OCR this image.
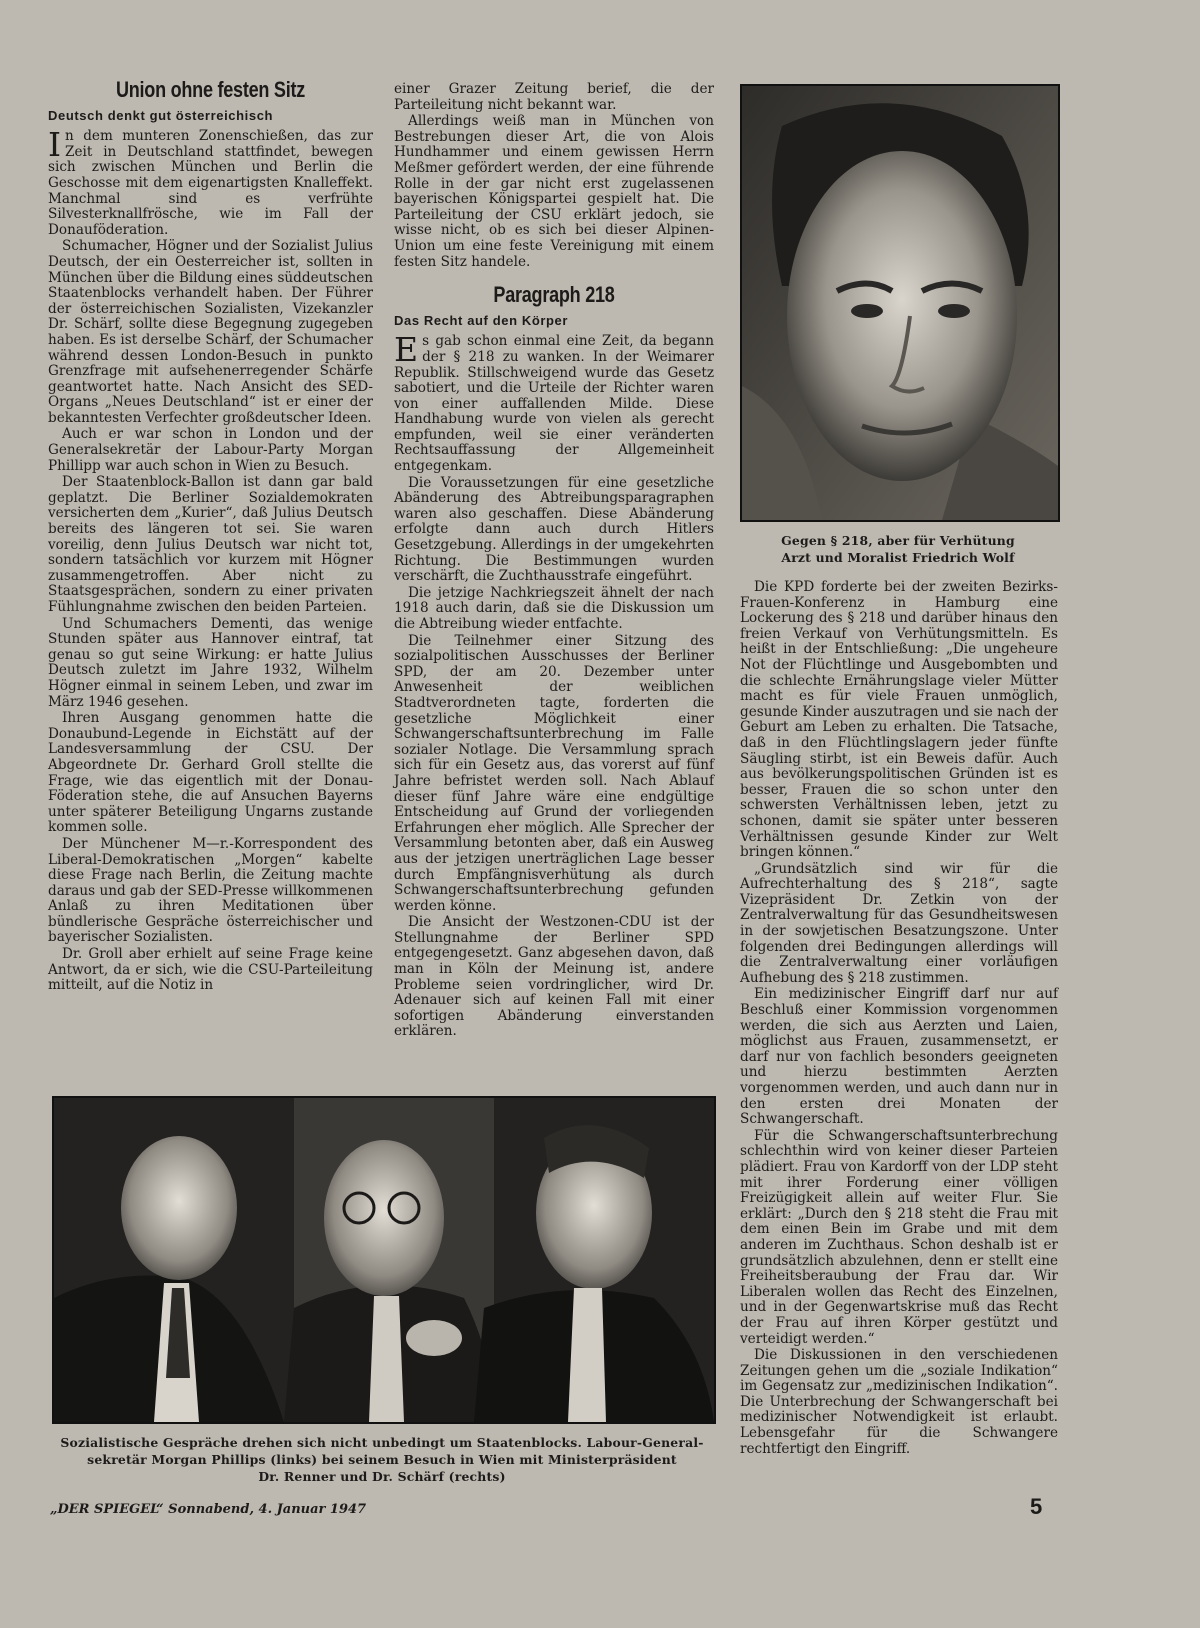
Union ohne festen Sitz
Deutsch denkt gut österreichisch

In dem munteren Zonenschießen, das zur Zeit in Deutschland stattfindet, bewegen sich zwischen München und Berlin die Geschosse mit dem eigenartigsten Knalleffekt. Manchmal sind es verfrühte Silvesterknallfrösche, wie im Fall der Donauföderation.

Schumacher, Högner und der Sozialist Julius Deutsch, der ein Oesterreicher ist, sollten in München über die Bildung eines süddeutschen Staatenblocks verhandelt haben. Der Führer der österreichischen Sozialisten, Vizekanzler Dr. Schärf, sollte diese Begegnung zugegeben haben. Es ist derselbe Schärf, der Schumacher während dessen London-Besuch in punkto Grenzfrage mit aufsehenerregender Schärfe geantwortet hatte. Nach Ansicht des SED-Organs „Neues Deutschland“ ist er einer der bekanntesten Verfechter großdeutscher Ideen.

Auch er war schon in London und der Generalsekretär der Labour-Party Morgan Phillipp war auch schon in Wien zu Besuch.

Der Staatenblock-Ballon ist dann gar bald geplatzt. Die Berliner Sozialdemokraten versicherten dem „Kurier“, daß Julius Deutsch bereits des längeren tot sei. Sie waren voreilig, denn Julius Deutsch war nicht tot, sondern tatsächlich vor kurzem mit Högner zusammengetroffen. Aber nicht zu Staatsgesprächen, sondern zu einer privaten Fühlungnahme zwischen den beiden Parteien.

Und Schumachers Dementi, das wenige Stunden später aus Hannover eintraf, tat genau so gut seine Wirkung: er hatte Julius Deutsch zuletzt im Jahre 1932, Wilhelm Högner einmal in seinem Leben, und zwar im März 1946 gesehen.

Ihren Ausgang genommen hatte die Donaubund-Legende in Eichstätt auf der Landesversammlung der CSU. Der Abgeordnete Dr. Gerhard Groll stellte die Frage, wie das eigentlich mit der Donau-Föderation stehe, die auf Ansuchen Bayerns unter späterer Beteiligung Ungarns zustande kommen solle.

Der Münchener M—r.-Korrespondent des Liberal-Demokratischen „Morgen“ kabelte diese Frage nach Berlin, die Zeitung machte daraus und gab der SED-Presse willkommenen Anlaß zu ihren Meditationen über bündlerische Gespräche österreichischer und bayerischer Sozialisten.

Dr. Groll aber erhielt auf seine Frage keine Antwort, da er sich, wie die CSU-Parteileitung mitteilt, auf die Notiz in

einer Grazer Zeitung berief, die der Parteileitung nicht bekannt war.

Allerdings weiß man in München von Bestrebungen dieser Art, die von Alois Hundhammer und einem gewissen Herrn Meßmer gefördert werden, der eine führende Rolle in der gar nicht erst zugelassenen bayerischen Königspartei gespielt hat. Die Parteileitung der CSU erklärt jedoch, sie wisse nicht, ob es sich bei dieser Alpinen-Union um eine feste Vereinigung mit einem festen Sitz handele.

Paragraph 218
Das Recht auf den Körper

Es gab schon einmal eine Zeit, da begann der § 218 zu wanken. In der Weimarer Republik. Stillschweigend wurde das Gesetz sabotiert, und die Urteile der Richter waren von einer auffallenden Milde. Diese Handhabung wurde von vielen als gerecht empfunden, weil sie einer veränderten Rechtsauffassung der Allgemeinheit entgegenkam.

Die Voraussetzungen für eine gesetzliche Abänderung des Abtreibungsparagraphen waren also geschaffen. Diese Abänderung erfolgte dann auch durch Hitlers Gesetzgebung. Allerdings in der umgekehrten Richtung. Die Bestimmungen wurden verschärft, die Zuchthausstrafe eingeführt.

Die jetzige Nachkriegszeit ähnelt der nach 1918 auch darin, daß sie die Diskussion um die Abtreibung wieder entfachte.

Die Teilnehmer einer Sitzung des sozialpolitischen Ausschusses der Berliner SPD, der am 20. Dezember unter Anwesenheit der weiblichen Stadtverordneten tagte, forderten die gesetzliche Möglichkeit einer Schwangerschaftsunterbrechung im Falle sozialer Notlage. Die Versammlung sprach sich für ein Gesetz aus, das vorerst auf fünf Jahre befristet werden soll. Nach Ablauf dieser fünf Jahre wäre eine endgültige Entscheidung auf Grund der vorliegenden Erfahrungen eher möglich. Alle Sprecher der Versammlung betonten aber, daß ein Ausweg aus der jetzigen unerträglichen Lage besser durch Empfängnisverhütung als durch Schwangerschaftsunterbrechung gefunden werden könne.

Die Ansicht der Westzonen-CDU ist der Stellungnahme der Berliner SPD entgegengesetzt. Ganz abgesehen davon, daß man in Köln der Meinung ist, andere Probleme seien vordringlicher, wird Dr. Adenauer sich auf keinen Fall mit einer sofortigen Abänderung einverstanden erklären.

Gegen § 218, aber für Verhütung
Arzt und Moralist Friedrich Wolf

Die KPD forderte bei der zweiten Bezirks-Frauen-Konferenz in Hamburg eine Lockerung des § 218 und darüber hinaus den freien Verkauf von Verhütungsmitteln. Es heißt in der Entschließung: „Die ungeheure Not der Flüchtlinge und Ausgebombten und die schlechte Ernährungslage vieler Mütter macht es für viele Frauen unmöglich, gesunde Kinder auszutragen und sie nach der Geburt am Leben zu erhalten. Die Tatsache, daß in den Flüchtlingslagern jeder fünfte Säugling stirbt, ist ein Beweis dafür. Auch aus bevölkerungspolitischen Gründen ist es besser, Frauen die so schon unter den schwersten Verhältnissen leben, jetzt zu schonen, damit sie später unter besseren Verhältnissen gesunde Kinder zur Welt bringen können.“

„Grundsätzlich sind wir für die Aufrechterhaltung des § 218“, sagte Vizepräsident Dr. Zetkin von der Zentralverwaltung für das Gesundheitswesen in der sowjetischen Besatzungszone. Unter folgenden drei Bedingungen allerdings will die Zentralverwaltung einer vorläufigen Aufhebung des § 218 zustimmen.

Ein medizinischer Eingriff darf nur auf Beschluß einer Kommission vorgenommen werden, die sich aus Aerzten und Laien, möglichst aus Frauen, zusammensetzt, er darf nur von fachlich besonders geeigneten und hierzu bestimmten Aerzten vorgenommen werden, und auch dann nur in den ersten drei Monaten der Schwangerschaft.

Für die Schwangerschaftsunterbrechung schlechthin wird von keiner dieser Parteien plädiert. Frau von Kardorff von der LDP steht mit ihrer Forderung einer völligen Freizügigkeit allein auf weiter Flur. Sie erklärt: „Durch den § 218 steht die Frau mit dem einen Bein im Grabe und mit dem anderen im Zuchthaus. Schon deshalb ist er grundsätzlich abzulehnen, denn er stellt eine Freiheitsberaubung der Frau dar. Wir Liberalen wollen das Recht des Einzelnen, und in der Gegenwartskrise muß das Recht der Frau auf ihren Körper gestützt und verteidigt werden.“

Die Diskussionen in den verschiedenen Zeitungen gehen um die „soziale Indikation“ im Gegensatz zur „medizinischen Indikation“. Die Unterbrechung der Schwangerschaft bei medizinischer Notwendigkeit ist erlaubt. Lebensgefahr für die Schwangere rechtfertigt den Eingriff.

Sozialistische Gespräche drehen sich nicht unbedingt um Staatenblocks. Labour-General-
sekretär Morgan Phillips (links) bei seinem Besuch in Wien mit Ministerpräsident
Dr. Renner und Dr. Schärf (rechts)
„DER SPIEGEL“ Sonnabend, 4. Januar 1947	5
